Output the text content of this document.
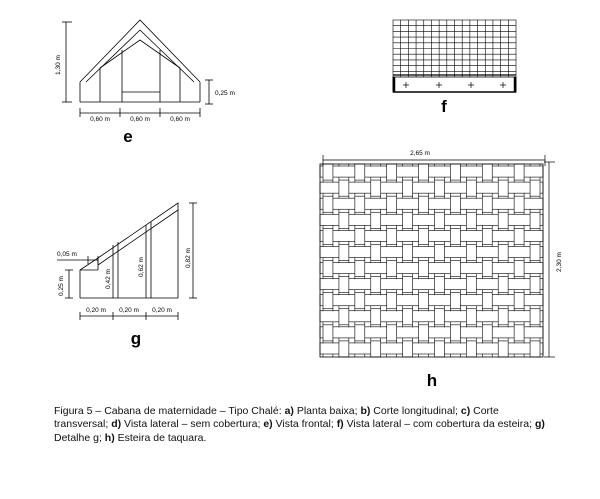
1,30 m
0,25 m
0,60 m	0,60 m	0,60 m
e
f
0,05 m
0,25 m	0,42 m
0,62 m	0,82 m
0,20 m 0,20 m 0,20 m
g
2,65 m
2,30 m
h
Figura 5 – Cabana de maternidade – Tipo Chalé: a) Planta baixa; b) Corte longitudinal; c) Corte transversal; d) Vista lateral – sem cobertura; e) Vista frontal; f) Vista lateral – com cobertura da esteira; g) Detalhe g; h) Esteira de taquara.
